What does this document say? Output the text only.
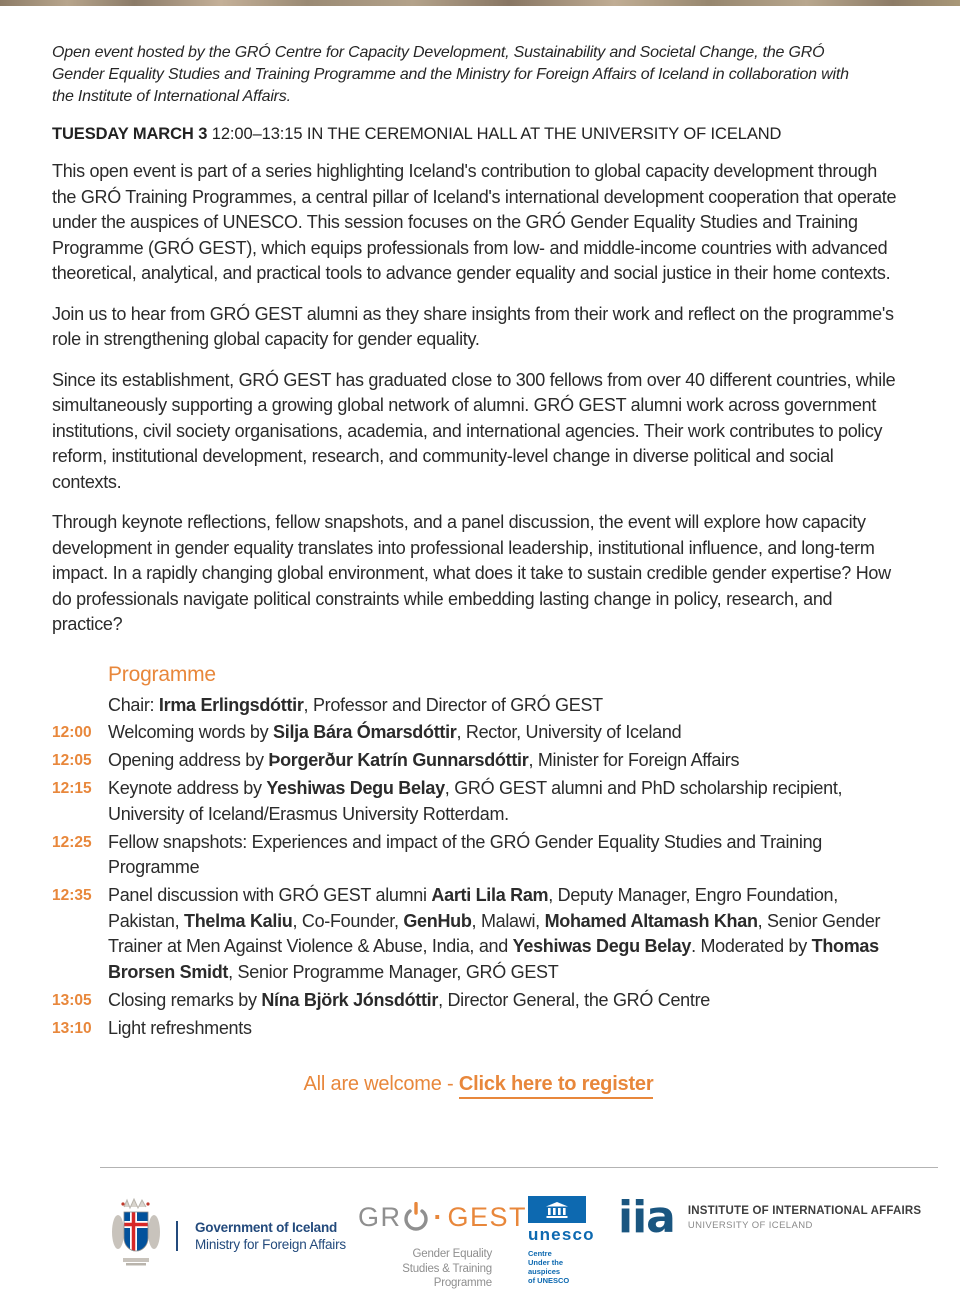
Open event hosted by the GRÓ Centre for Capacity Development, Sustainability and Societal Change, the GRÓ Gender Equality Studies and Training Programme and the Ministry for Foreign Affairs of Iceland in collaboration with the Institute of International Affairs.

TUESDAY MARCH 3 12:00–13:15 IN THE CEREMONIAL HALL AT THE UNIVERSITY OF ICELAND

This open event is part of a series highlighting Iceland's contribution to global capacity development through the GRÓ Training Programmes, a central pillar of Iceland's international development cooperation that operate under the auspices of UNESCO. This session focuses on the GRÓ Gender Equality Studies and Training Programme (GRÓ GEST), which equips professionals from low- and middle-income countries with advanced theoretical, analytical, and practical tools to advance gender equality and social justice in their home contexts.

Join us to hear from GRÓ GEST alumni as they share insights from their work and reflect on the programme's role in strengthening global capacity for gender equality.

Since its establishment, GRÓ GEST has graduated close to 300 fellows from over 40 different countries, while simultaneously supporting a growing global network of alumni. GRÓ GEST alumni work across government institutions, civil society organisations, academia, and international agencies. Their work contributes to policy reform, institutional development, research, and community-level change in diverse political and social contexts.

Through keynote reflections, fellow snapshots, and a panel discussion, the event will explore how capacity development in gender equality translates into professional leadership, institutional influence, and long-term impact. In a rapidly changing global environment, what does it take to sustain credible gender expertise? How do professionals navigate political constraints while embedding lasting change in policy, research, and practice?

Programme
Chair: Irma Erlingsdóttir, Professor and Director of GRÓ GEST
12:00 Welcoming words by Silja Bára Ómarsdóttir, Rector, University of Iceland
12:05 Opening address by Þorgerður Katrín Gunnarsdóttir, Minister for Foreign Affairs
12:15 Keynote address by Yeshiwas Degu Belay, GRÓ GEST alumni and PhD scholarship recipient, University of Iceland/Erasmus University Rotterdam.
12:25 Fellow snapshots: Experiences and impact of the GRÓ Gender Equality Studies and Training Programme
12:35 Panel discussion with GRÓ GEST alumni Aarti Lila Ram, Deputy Manager, Engro Foundation, Pakistan, Thelma Kaliu, Co-Founder, GenHub, Malawi, Mohamed Altamash Khan, Senior Gender Trainer at Men Against Violence & Abuse, India, and Yeshiwas Degu Belay. Moderated by Thomas Brorsen Smidt, Senior Programme Manager, GRÓ GEST
13:05 Closing remarks by Nína Björk Jónsdóttir, Director General, the GRÓ Centre
13:10 Light refreshments
All are welcome - Click here to register
Government of Iceland
Ministry for Foreign Affairs
GR · GEST
Gender Equality
Studies & Training
Programme
unesco
Centre
Under the auspices
of UNESCO
iia INSTITUTE OF INTERNATIONAL AFFAIRS
UNIVERSITY OF ICELAND
